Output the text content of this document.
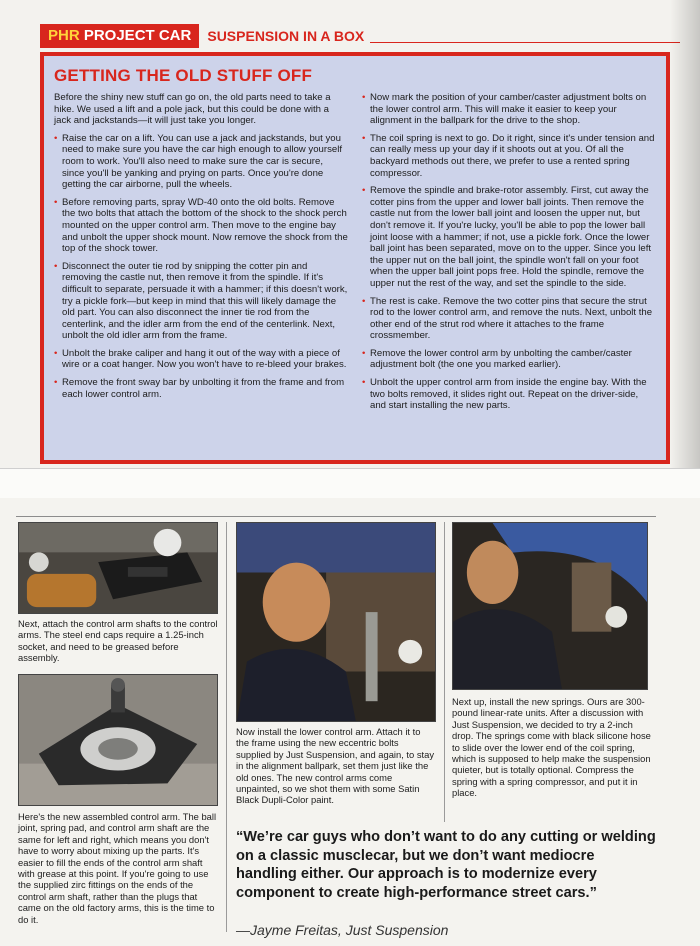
PHR PROJECT CAR	SUSPENSION IN A BOX
GETTING THE OLD STUFF OFF

Before the shiny new stuff can go on, the old parts need to take a hike. We used a lift and a pole jack, but this could be done with a jack and jackstands—it will just take you longer.

• Raise the car on a lift. You can use a jack and jackstands, but you need to make sure you have the car high enough to allow yourself room to work. You'll also need to make sure the car is secure, since you'll be yanking and prying on parts. Once you're done getting the car airborne, pull the wheels.
• Before removing parts, spray WD-40 onto the old bolts. Remove the two bolts that attach the bottom of the shock to the shock perch mounted on the upper control arm. Then move to the engine bay and unbolt the upper shock mount. Now remove the shock from the top of the shock tower.
• Disconnect the outer tie rod by snipping the cotter pin and removing the castle nut, then remove it from the spindle. If it's difficult to separate, persuade it with a hammer; if this doesn't work, try a pickle fork—but keep in mind that this will likely damage the old part. You can also disconnect the inner tie rod from the centerlink, and the idler arm from the end of the centerlink. Next, unbolt the old idler arm from the frame.
• Unbolt the brake caliper and hang it out of the way with a piece of wire or a coat hanger. Now you won't have to re-bleed your brakes.
• Remove the front sway bar by unbolting it from the frame and from each lower control arm.
• Now mark the position of your camber/caster adjustment bolts on the lower control arm. This will make it easier to keep your alignment in the ballpark for the drive to the shop.
• The coil spring is next to go. Do it right, since it's under tension and can really mess up your day if it shoots out at you. Of all the backyard methods out there, we prefer to use a rented spring compressor.
• Remove the spindle and brake-rotor assembly. First, cut away the cotter pins from the upper and lower ball joints. Then remove the castle nut from the lower ball joint and loosen the upper nut, but don't remove it. If you're lucky, you'll be able to pop the lower ball joint loose with a hammer; if not, use a pickle fork. Once the lower ball joint has been separated, move on to the upper. Since you left the upper nut on the ball joint, the spindle won't fall on your foot when the upper ball joint pops free. Hold the spindle, remove the upper nut the rest of the way, and set the spindle to the side.
• The rest is cake. Remove the two cotter pins that secure the strut rod to the lower control arm, and remove the nuts. Next, unbolt the other end of the strut rod where it attaches to the frame crossmember.
• Remove the lower control arm by unbolting the camber/caster adjustment bolt (the one you marked earlier).
• Unbolt the upper control arm from inside the engine bay. With the two bolts removed, it slides right out. Repeat on the driver-side, and start installing the new parts.
Next, attach the control arm shafts to the control arms. The steel end caps require a 1.25-inch socket, and need to be greased before assembly.
Here's the new assembled control arm. The ball joint, spring pad, and control arm shaft are the same for left and right, which means you don't have to worry about mixing up the parts. It's easier to fill the ends of the control arm shaft with grease at this point. If you're going to use the supplied zirc fittings on the ends of the control arm shaft, rather than the plugs that came on the old factory arms, this is the time to do it.
Now install the lower control arm. Attach it to the frame using the new eccentric bolts supplied by Just Suspension, and again, to stay in the alignment ballpark, set them just like the old ones. The new control arms come unpainted, so we shot them with some Satin Black Dupli-Color paint.
Next up, install the new springs. Ours are 300-pound linear-rate units. After a discussion with Just Suspension, we decided to try a 2-inch drop. The springs come with black silicone hose to slide over the lower end of the coil spring, which is supposed to help make the suspension quieter, but is totally optional. Compress the spring with a spring compressor, and put it in place.
“We’re car guys who don’t want to do any cutting or welding on a classic musclecar, but we don’t want mediocre handling either. Our approach is to modernize every component to create high-performance street cars.”
—Jayme Freitas, Just Suspension
